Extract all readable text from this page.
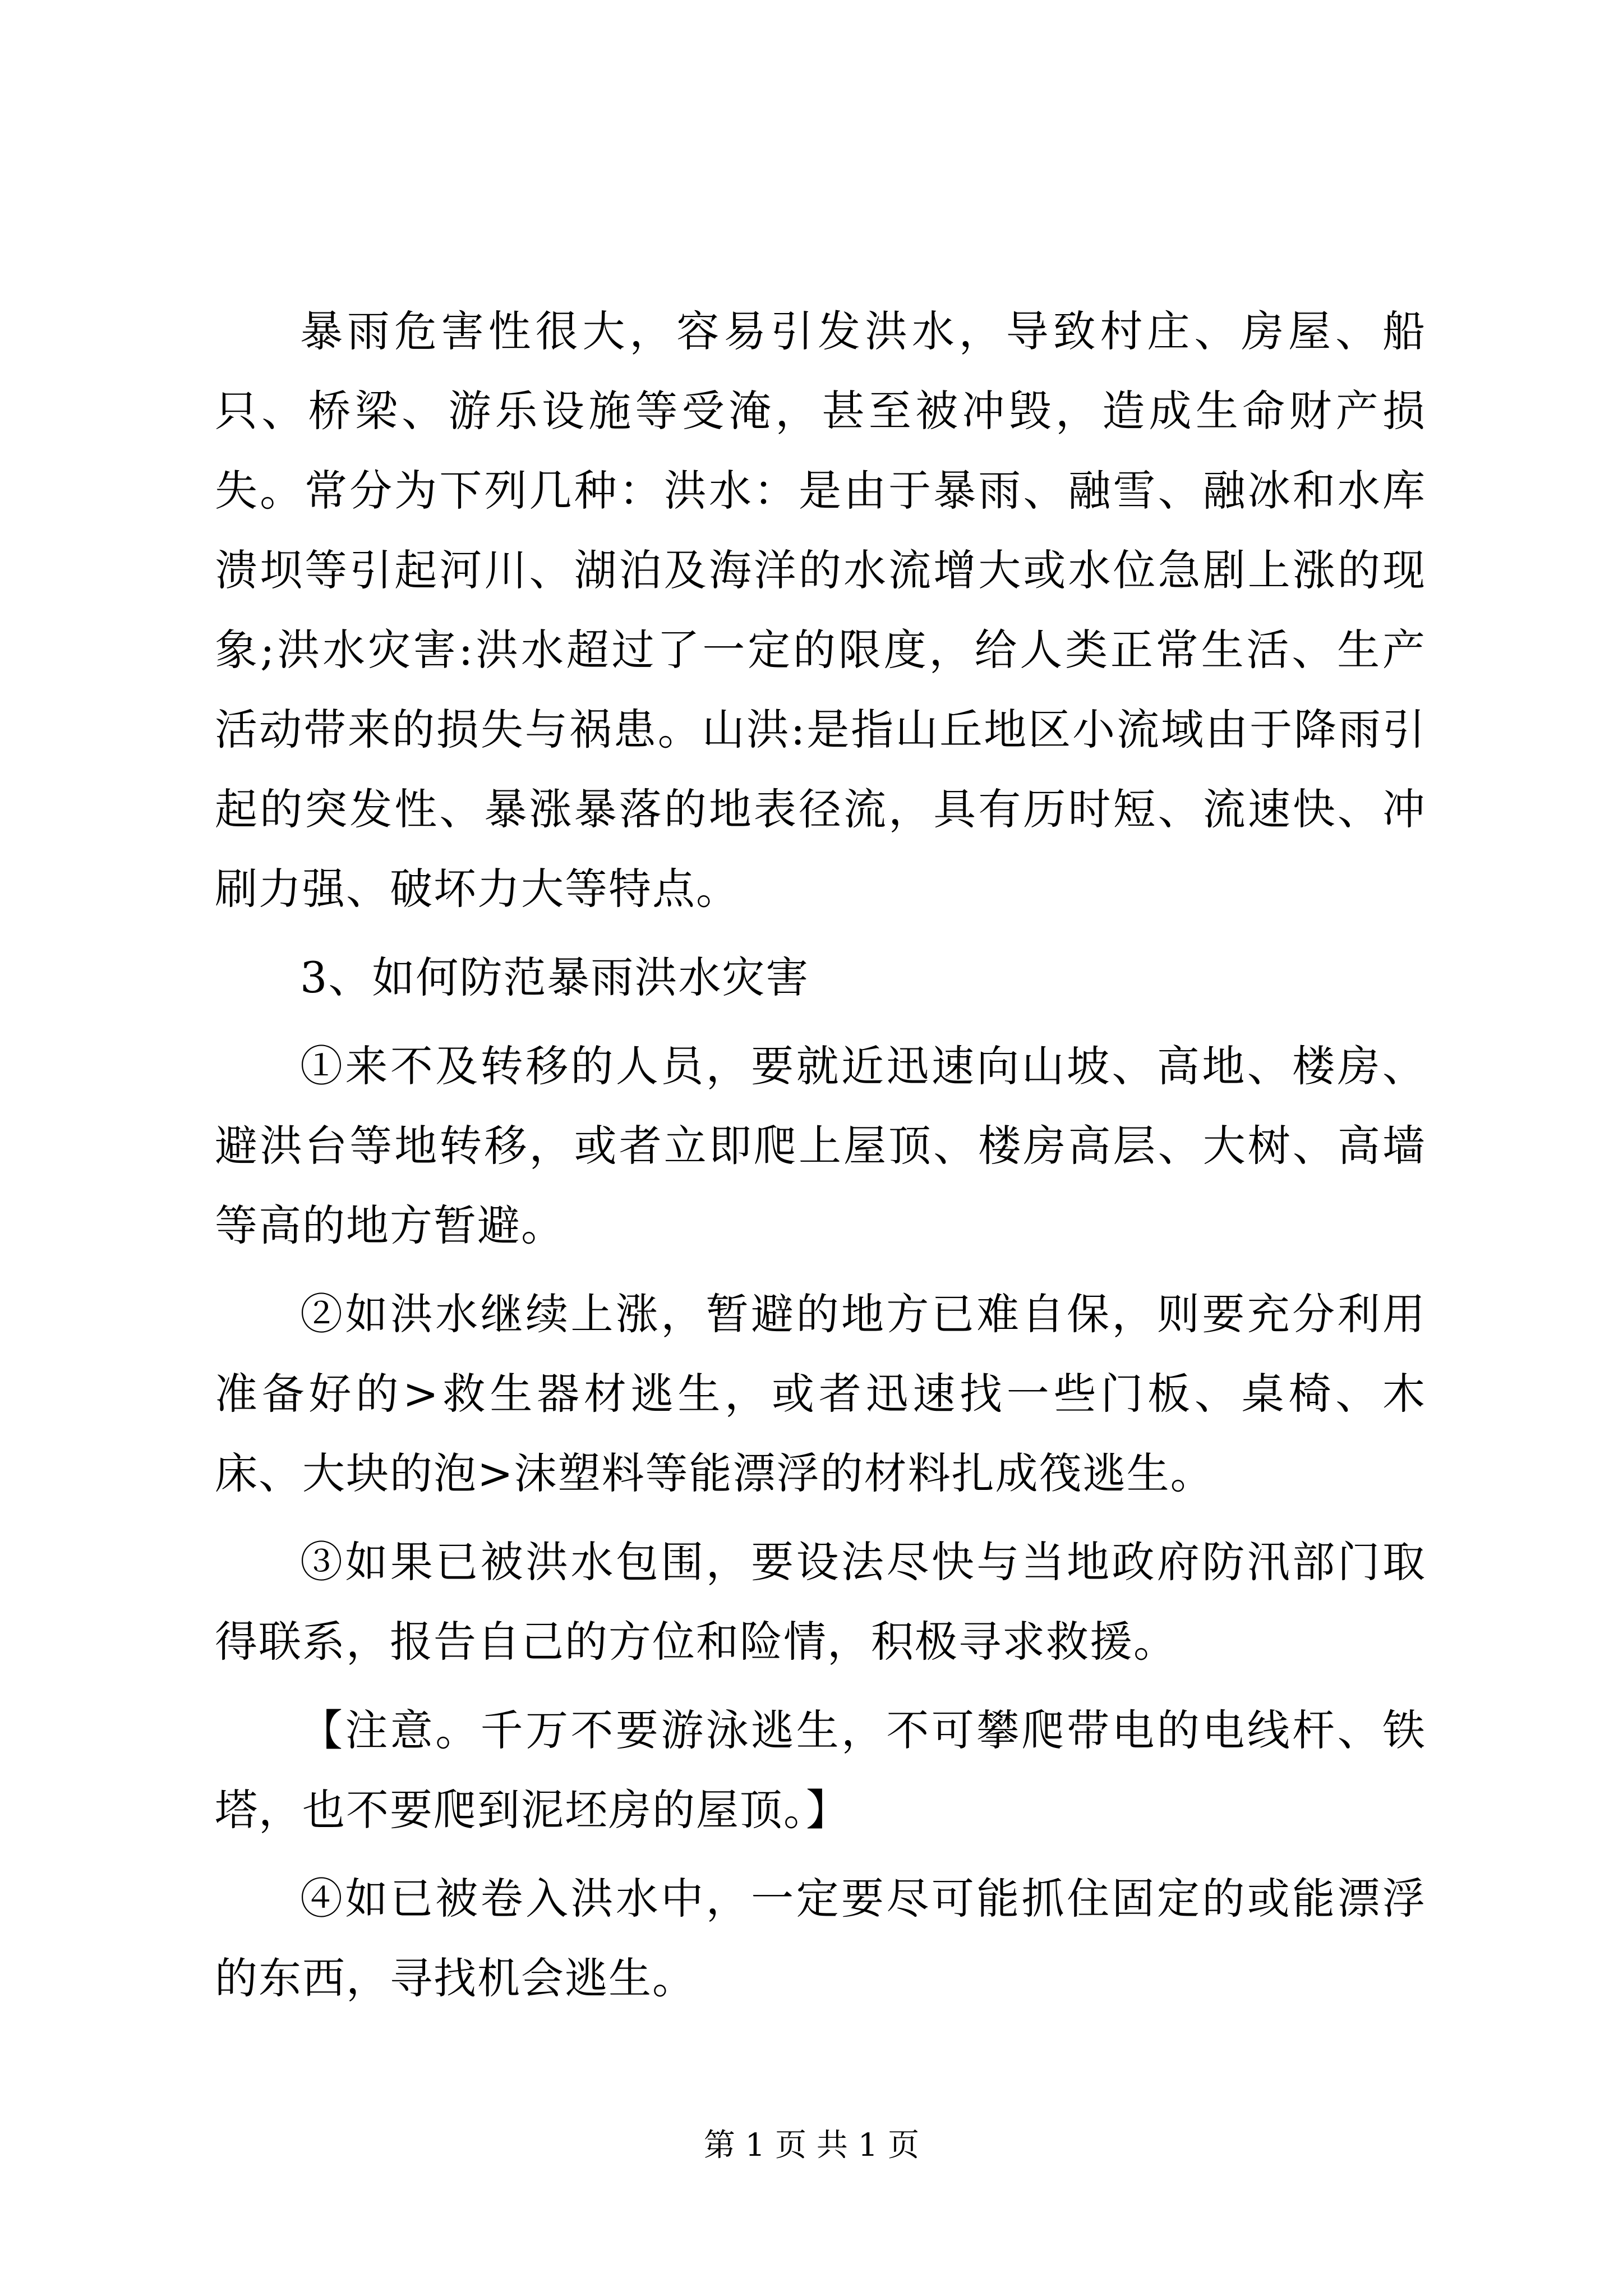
暴雨危害性很大，容易引发洪水，导致村庄、房屋、船只、桥梁、游乐设施等受淹，甚至被冲毁，造成生命财产损失。常分为下列几种：洪水：是由于暴雨、融雪、融冰和水库溃坝等引起河川、湖泊及海洋的水流增大或水位急剧上涨的现象;洪水灾害:洪水超过了一定的限度，给人类正常生活、生产活动带来的损失与祸患。山洪:是指山丘地区小流域由于降雨引起的突发性、暴涨暴落的地表径流，具有历时短、流速快、冲刷力强、破坏力大等特点。

3、如何防范暴雨洪水灾害

①来不及转移的人员，要就近迅速向山坡、高地、楼房、避洪台等地转移，或者立即爬上屋顶、楼房高层、大树、高墙等高的地方暂避。

②如洪水继续上涨，暂避的地方已难自保，则要充分利用准备好的>救生器材逃生，或者迅速找一些门板、桌椅、木床、大块的泡>沫塑料等能漂浮的材料扎成筏逃生。

③如果已被洪水包围，要设法尽快与当地政府防汛部门取得联系，报告自己的方位和险情，积极寻求救援。

【注意。千万不要游泳逃生，不可攀爬带电的电线杆、铁塔，也不要爬到泥坯房的屋顶。】

④如已被卷入洪水中，一定要尽可能抓住固定的或能漂浮的东西，寻找机会逃生。

第 1 页 共 1 页
